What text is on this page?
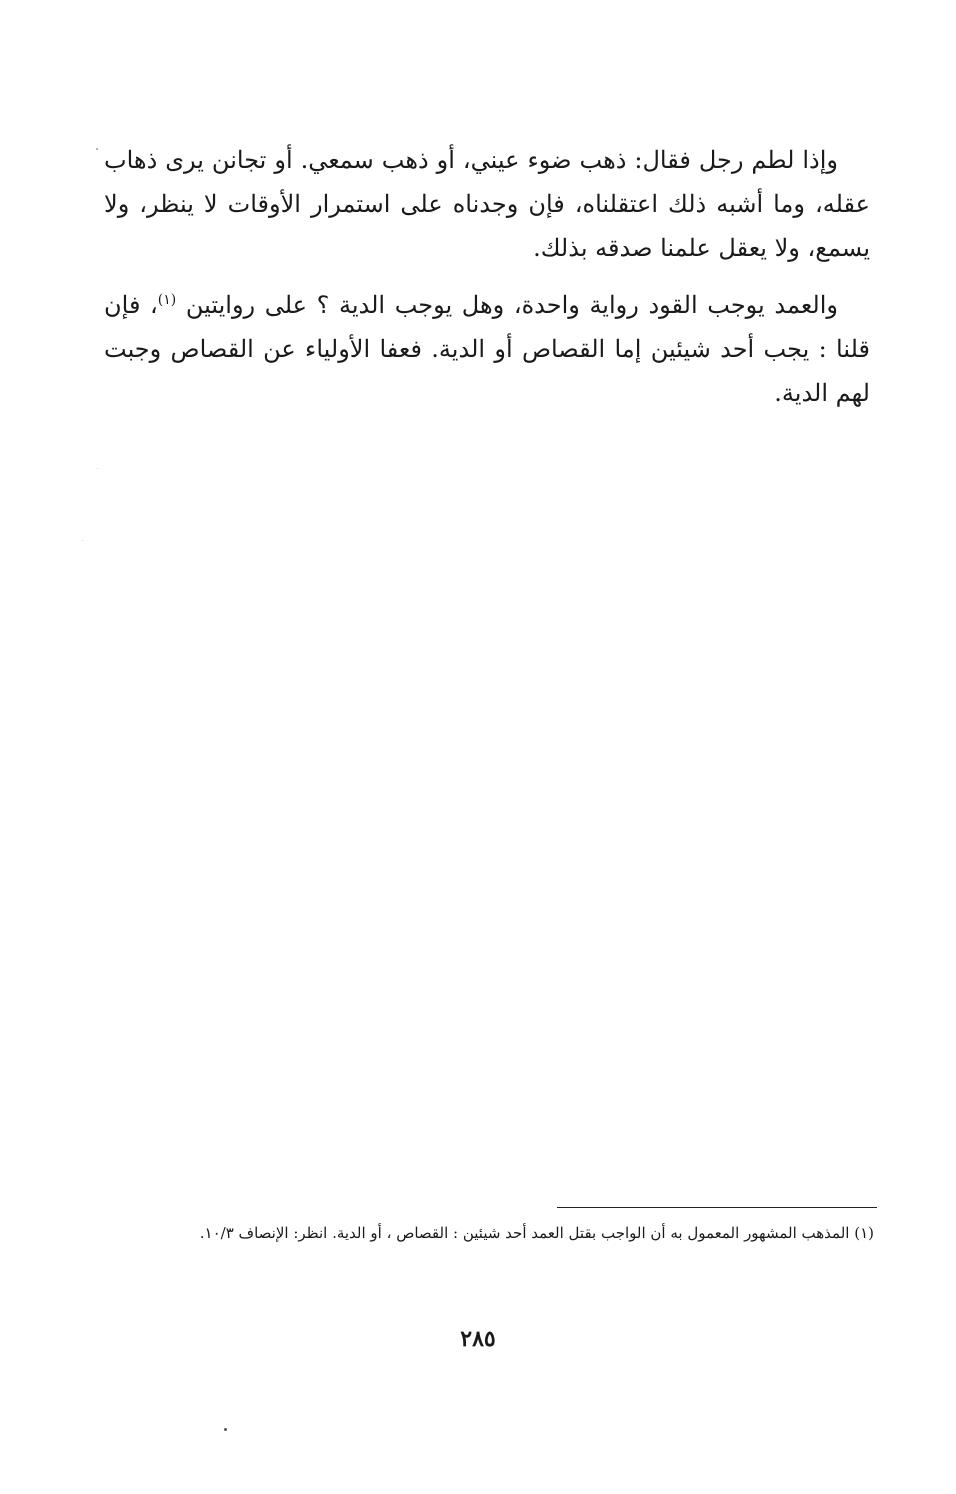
وإذا لطم رجل فقال: ذهب ضوء عيني، أو ذهب سمعي. أو تجانن يرى ذهاب عقله، وما أشبه ذلك اعتقلناه، فإن وجدناه على استمرار الأوقات لا ينظر، ولا يسمع، ولا يعقل علمنا صدقه بذلك.

والعمد يوجب القود رواية واحدة، وهل يوجب الدية ؟ على روايتين $^{(١)}$، فإن قلنا : يجب أحد شيئين إما القصاص أو الدية. فعفا الأولياء عن القصاص وجبت لهم الدية.

(١) المذهب المشهور المعمول به أن الواجب بقتل العمد أحد شيئين : القصاص ، أو الدية. انظر: الإنصاف ١٠/٣.

٢٨٥
